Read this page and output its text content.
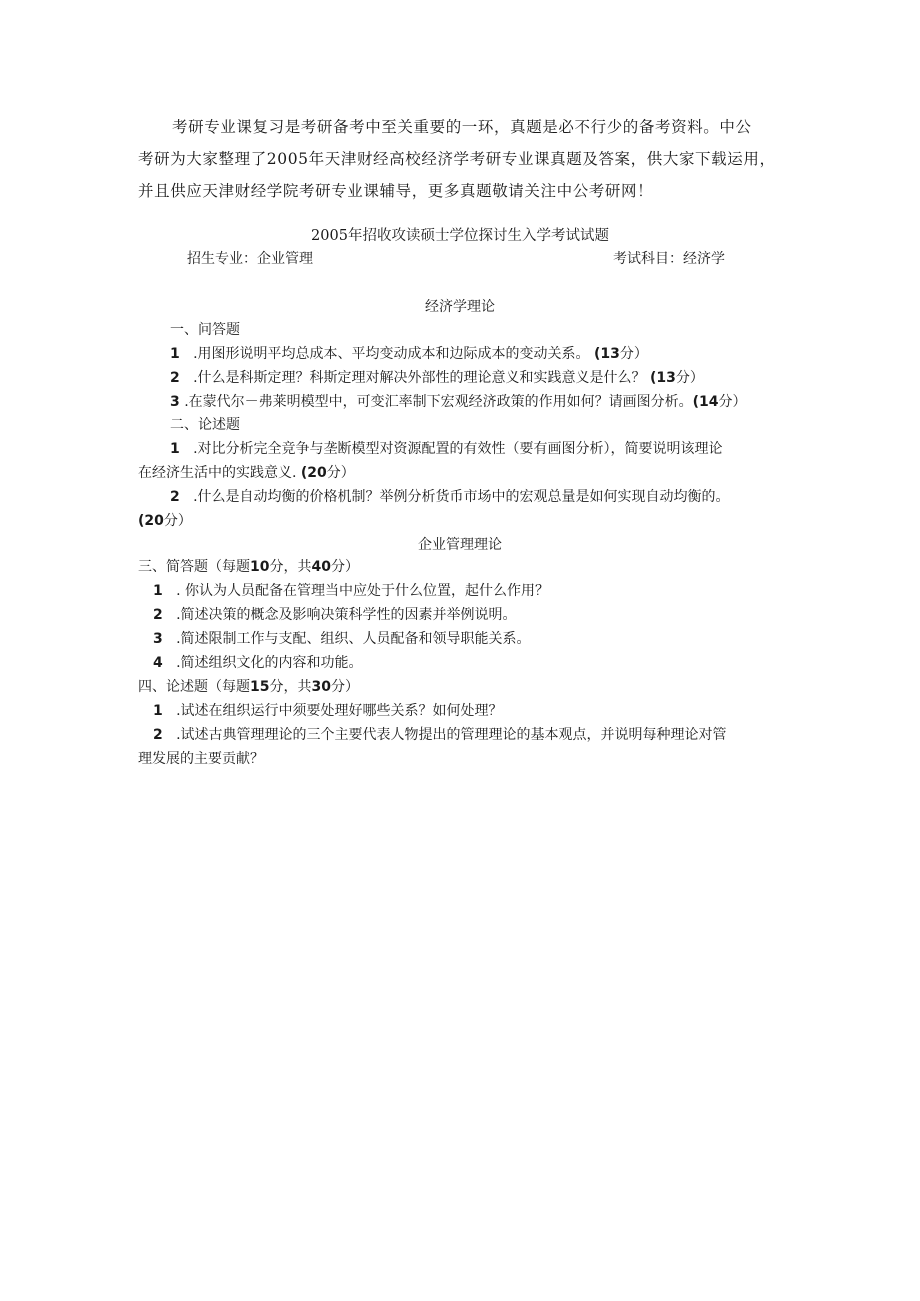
考研专业课复习是考研备考中至关重要的一环，真题是必不行少的备考资料。中公
考研为大家整理了2005年天津财经高校经济学考研专业课真题及答案，供大家下载运用，
并且供应天津财经学院考研专业课辅导，更多真题敬请关注中公考研网！
2005年招收攻读硕士学位探讨生入学考试试题
招生专业：企业管理	考试科目：经济学
经济学理论
一、问答题
1 .用图形说明平均总成本、平均变动成本和边际成本的变动关系。 (13分）
2 .什么是科斯定理？科斯定理对解决外部性的理论意义和实践意义是什么？ (13分）
3 .在蒙代尔－弗莱明模型中，可变汇率制下宏观经济政策的作用如何？请画图分析。(14分）
二、论述题
1 .对比分析完全竞争与垄断模型对资源配置的有效性（要有画图分析），简要说明该理论
在经济生活中的实践意义. (20分）
2 .什么是自动均衡的价格机制？举例分析货币市场中的宏观总量是如何实现自动均衡的。
(20分）
企业管理理论
三、简答题（每题10分，共40分）
1 . 你认为人员配备在管理当中应处于什么位置，起什么作用？
2 .简述决策的概念及影响决策科学性的因素并举例说明。
3 .简述限制工作与支配、组织、人员配备和领导职能关系。
4 .简述组织文化的内容和功能。
四、论述题（每题15分，共30分）
1 .试述在组织运行中须要处理好哪些关系？如何处理？
2 .试述古典管理理论的三个主要代表人物提出的管理理论的基本观点，并说明每种理论对管
理发展的主要贡献？
